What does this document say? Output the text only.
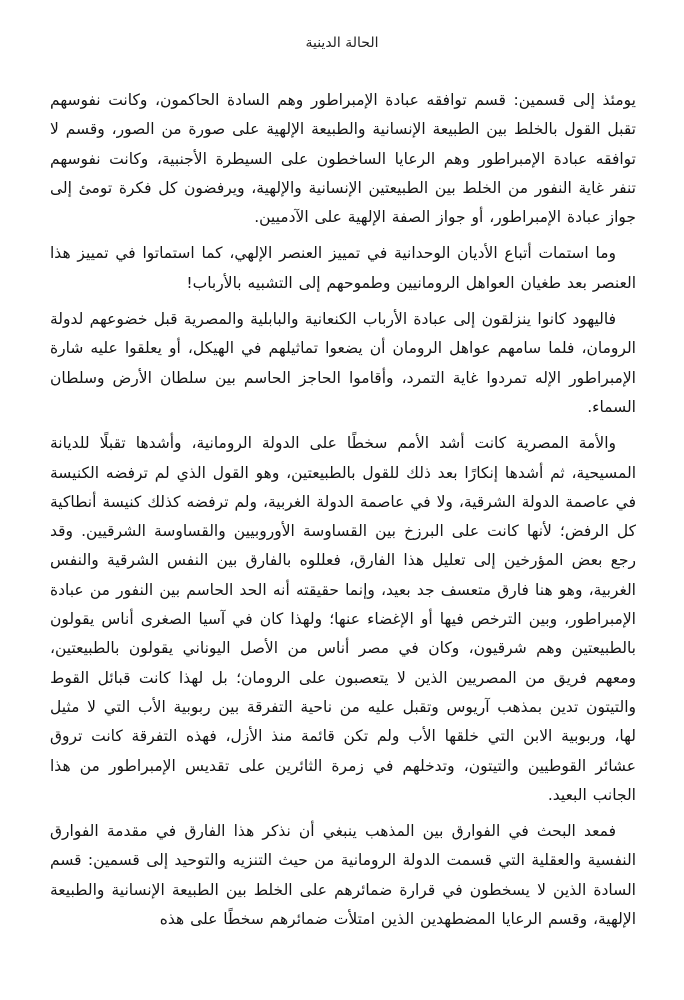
الحالة الدينية

يومئذ إلى قسمين: قسم توافقه عبادة الإمبراطور وهم السادة الحاكمون، وكانت نفوسهم تقبل القول بالخلط بين الطبيعة الإنسانية والطبيعة الإلهية على صورة من الصور، وقسم لا توافقه عبادة الإمبراطور وهم الرعايا الساخطون على السيطرة الأجنبية، وكانت نفوسهم تنفر غاية النفور من الخلط بين الطبيعتين الإنسانية والإلهية، ويرفضون كل فكرة تومئ إلى جواز عبادة الإمبراطور، أو جواز الصفة الإلهية على الآدميين.

وما استمات أتباع الأديان الوحدانية في تمييز العنصر الإلهي، كما استماتوا في تمييز هذا العنصر بعد طغيان العواهل الرومانيين وطموحهم إلى التشبيه بالأرباب!

فاليهود كانوا ينزلقون إلى عبادة الأرباب الكنعانية والبابلية والمصرية قبل خضوعهم لدولة الرومان، فلما سامهم عواهل الرومان أن يضعوا تماثيلهم في الهيكل، أو يعلقوا عليه شارة الإمبراطور الإله تمردوا غاية التمرد، وأقاموا الحاجز الحاسم بين سلطان الأرض وسلطان السماء.

والأمة المصرية كانت أشد الأمم سخطًا على الدولة الرومانية، وأشدها تقبلًا للديانة المسيحية، ثم أشدها إنكارًا بعد ذلك للقول بالطبيعتين، وهو القول الذي لم ترفضه الكنيسة في عاصمة الدولة الشرقية، ولا في عاصمة الدولة الغربية، ولم ترفضه كذلك كنيسة أنطاكية كل الرفض؛ لأنها كانت على البرزخ بين القساوسة الأوروبيين والقساوسة الشرقيين. وقد رجع بعض المؤرخين إلى تعليل هذا الفارق، فعللوه بالفارق بين النفس الشرقية والنفس الغربية، وهو هنا فارق متعسف جد بعيد، وإنما حقيقته أنه الحد الحاسم بين النفور من عبادة الإمبراطور، وبين الترخص فيها أو الإغضاء عنها؛ ولهذا كان في آسيا الصغرى أناس يقولون بالطبيعتين وهم شرقيون، وكان في مصر أناس من الأصل اليوناني يقولون بالطبيعتين، ومعهم فريق من المصريين الذين لا يتعصبون على الرومان؛ بل لهذا كانت قبائل القوط والتيتون تدين بمذهب آريوس وتقبل عليه من ناحية التفرقة بين ربوبية الأب التي لا مثيل لها، وربوبية الابن التي خلقها الأب ولم تكن قائمة منذ الأزل، فهذه التفرقة كانت تروق عشائر القوطيين والتيتون، وتدخلهم في زمرة الثائرين على تقديس الإمبراطور من هذا الجانب البعيد.

فمعد البحث في الفوارق بين المذهب ينبغي أن نذكر هذا الفارق في مقدمة الفوارق النفسية والعقلية التي قسمت الدولة الرومانية من حيث التنزيه والتوحيد إلى قسمين: قسم السادة الذين لا يسخطون في قرارة ضمائرهم على الخلط بين الطبيعة الإنسانية والطبيعة الإلهية، وقسم الرعايا المضطهدين الذين امتلأت ضمائرهم سخطًا على هذه
